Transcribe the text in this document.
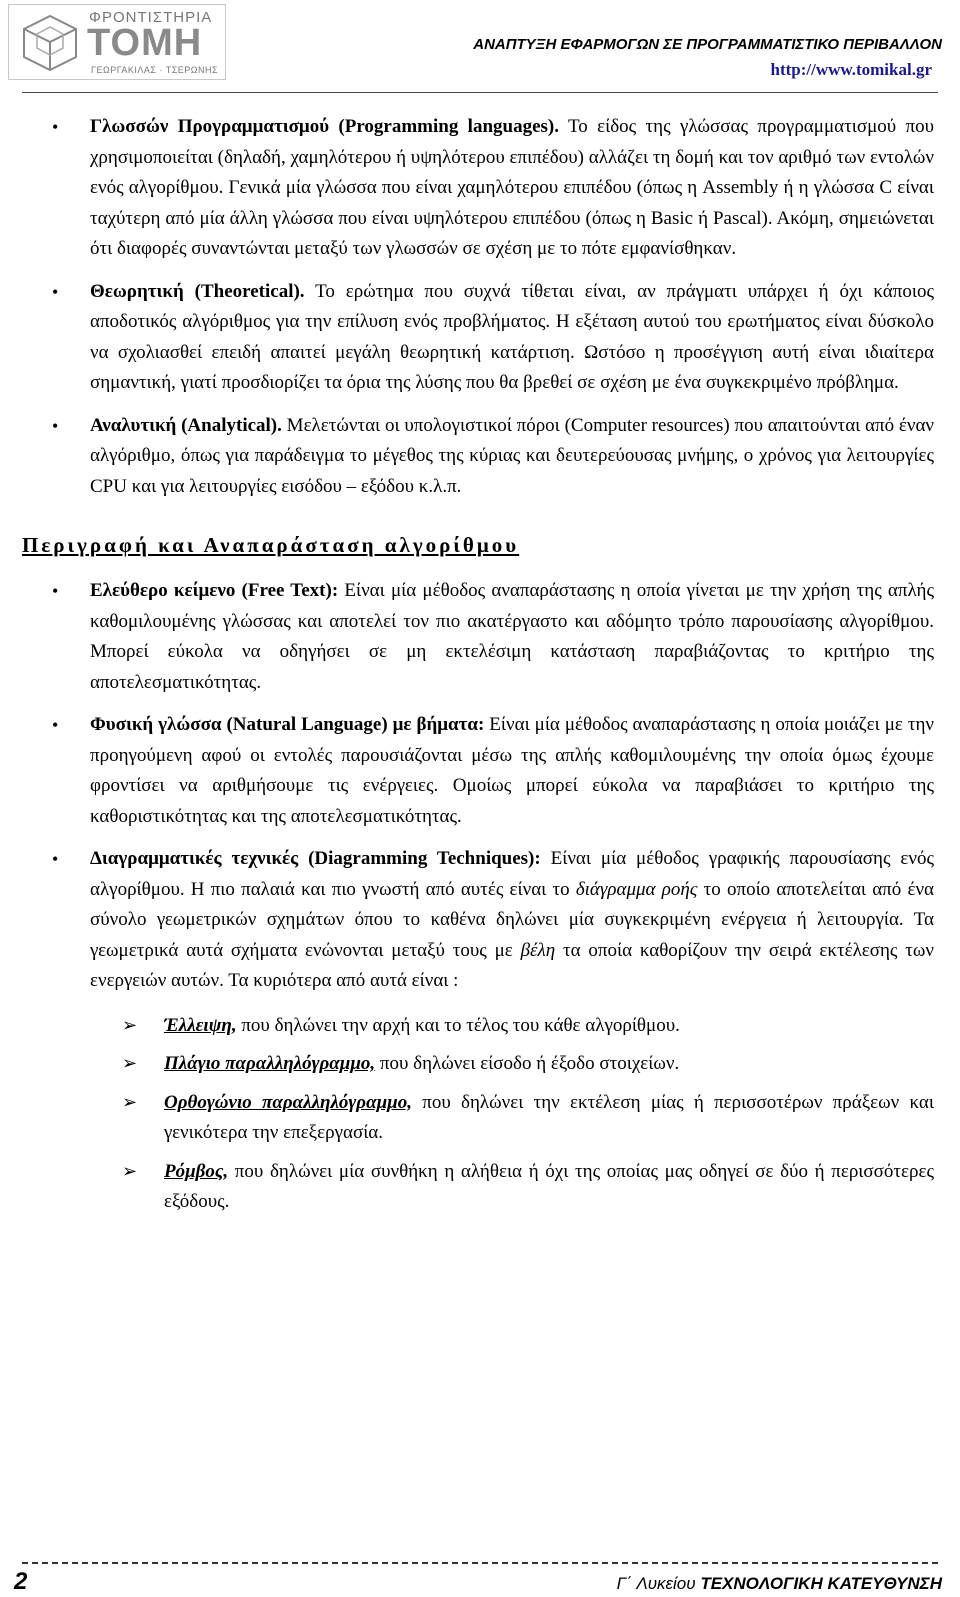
ΦΡΟΝΤΙΣΤΗΡΙΑ
ΤΟΜΗ
ΓΕΩΡΓΑΚΙΛΑΣ · ΤΣΕΡΩΝΗΣ
ΑΝΑΠΤΥΞΗ ΕΦΑΡΜΟΓΩΝ ΣΕ ΠΡΟΓΡΑΜΜΑΤΙΣΤΙΚΟ ΠΕΡΙΒΑΛΛΟΝ
http://www.tomikal.gr
• Γλωσσών Προγραμματισμού (Programming languages). Το είδος της γλώσσας προγραμματισμού που χρησιμοποιείται (δηλαδή, χαμηλότερου ή υψηλότερου επιπέδου) αλλάζει τη δομή και τον αριθμό των εντολών ενός αλγορίθμου. Γενικά μία γλώσσα που είναι χαμηλότερου επιπέδου (όπως η Assembly ή η γλώσσα C είναι ταχύτερη από μία άλλη γλώσσα που είναι υψηλότερου επιπέδου (όπως η Basic ή Pascal). Ακόμη, σημειώνεται ότι διαφορές συναντώνται μεταξύ των γλωσσών σε σχέση με το πότε εμφανίσθηκαν.
• Θεωρητική (Theoretical). Το ερώτημα που συχνά τίθεται είναι, αν πράγματι υπάρχει ή όχι κάποιος αποδοτικός αλγόριθμος για την επίλυση ενός προβλήματος. Η εξέταση αυτού του ερωτήματος είναι δύσκολο να σχολιασθεί επειδή απαιτεί μεγάλη θεωρητική κατάρτιση. Ωστόσο η προσέγγιση αυτή είναι ιδιαίτερα σημαντική, γιατί προσδιορίζει τα όρια της λύσης που θα βρεθεί σε σχέση με ένα συγκεκριμένο πρόβλημα.
• Αναλυτική (Analytical). Μελετώνται οι υπολογιστικοί πόροι (Computer resources) που απαιτούνται από έναν αλγόριθμο, όπως για παράδειγμα το μέγεθος της κύριας και δευτερεύουσας μνήμης, ο χρόνος για λειτουργίες CPU και για λειτουργίες εισόδου – εξόδου κ.λ.π.
Περιγραφή και Αναπαράσταση αλγορίθμου
• Ελεύθερο κείμενο (Free Text): Είναι μία μέθοδος αναπαράστασης η οποία γίνεται με την χρήση της απλής καθομιλουμένης γλώσσας και αποτελεί τον πιο ακατέργαστο και αδόμητο τρόπο παρουσίασης αλγορίθμου. Μπορεί εύκολα να οδηγήσει σε μη εκτελέσιμη κατάσταση παραβιάζοντας το κριτήριο της αποτελεσματικότητας.
• Φυσική γλώσσα (Natural Language) με βήματα: Είναι μία μέθοδος αναπαράστασης η οποία μοιάζει με την προηγούμενη αφού οι εντολές παρουσιάζονται μέσω της απλής καθομιλουμένης την οποία όμως έχουμε φροντίσει να αριθμήσουμε τις ενέργειες. Ομοίως μπορεί εύκολα να παραβιάσει το κριτήριο της καθοριστικότητας και της αποτελεσματικότητας.
• Διαγραμματικές τεχνικές (Diagramming Techniques): Είναι μία μέθοδος γραφικής παρουσίασης ενός αλγορίθμου. Η πιο παλαιά και πιο γνωστή από αυτές είναι το διάγραμμα ροής το οποίο αποτελείται από ένα σύνολο γεωμετρικών σχημάτων όπου το καθένα δηλώνει μία συγκεκριμένη ενέργεια ή λειτουργία. Τα γεωμετρικά αυτά σχήματα ενώνονται μεταξύ τους με βέλη τα οποία καθορίζουν την σειρά εκτέλεσης των ενεργειών αυτών. Τα κυριότερα από αυτά είναι :
➢ Έλλειψη, που δηλώνει την αρχή και το τέλος του κάθε αλγορίθμου.
➢ Πλάγιο παραλληλόγραμμο, που δηλώνει είσοδο ή έξοδο στοιχείων.
➢ Ορθογώνιο παραλληλόγραμμο, που δηλώνει την εκτέλεση μίας ή περισσοτέρων πράξεων και γενικότερα την επεξεργασία.
➢ Ρόμβος, που δηλώνει μία συνθήκη η αλήθεια ή όχι της οποίας μας οδηγεί σε δύο ή περισσότερες εξόδους.
2	Γ΄ Λυκείου ΤΕΧΝΟΛΟΓΙΚΗ ΚΑΤΕΥΘΥΝΣΗ
